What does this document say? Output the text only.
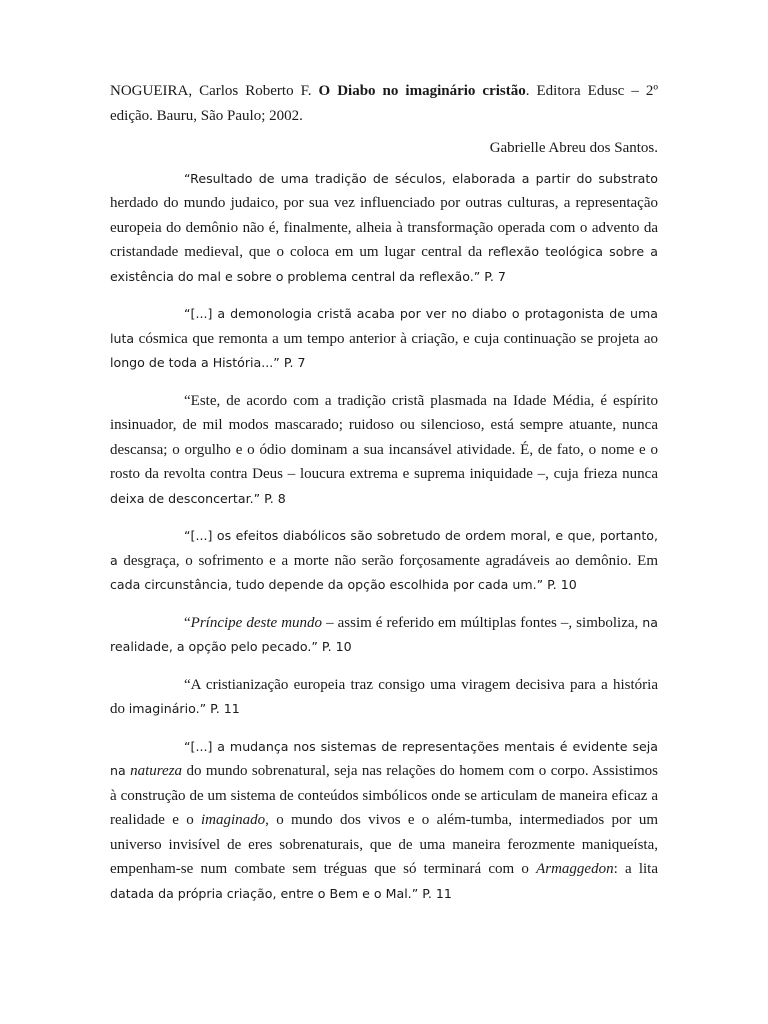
NOGUEIRA, Carlos Roberto F. O Diabo no imaginário cristão. Editora Edusc – 2º edição. Bauru, São Paulo; 2002.

Gabrielle Abreu dos Santos.

“Resultado de uma tradição de séculos, elaborada a partir do substrato herdado do mundo judaico, por sua vez influenciado por outras culturas, a representação europeia do demônio não é, finalmente, alheia à transformação operada com o advento da cristandade medieval, que o coloca em um lugar central da reflexão teológica sobre a existência do mal e sobre o problema central da reflexão.” P. 7

“[...] a demonologia cristã acaba por ver no diabo o protagonista de uma luta cósmica que remonta a um tempo anterior à criação, e cuja continuação se projeta ao longo de toda a História...” P. 7

“Este, de acordo com a tradição cristã plasmada na Idade Média, é espírito insinuador, de mil modos mascarado; ruidoso ou silencioso, está sempre atuante, nunca descansa; o orgulho e o ódio dominam a sua incansável atividade. É, de fato, o nome e o rosto da revolta contra Deus – loucura extrema e suprema iniquidade –, cuja frieza nunca deixa de desconcertar.” P. 8

“[...] os efeitos diabólicos são sobretudo de ordem moral, e que, portanto, a desgraça, o sofrimento e a morte não serão forçosamente agradáveis ao demônio. Em cada circunstância, tudo depende da opção escolhida por cada um.” P. 10

“Príncipe deste mundo – assim é referido em múltiplas fontes –, simboliza, na realidade, a opção pelo pecado.” P. 10

“A cristianização europeia traz consigo uma viragem decisiva para a história do imaginário.” P. 11

“[...] a mudança nos sistemas de representações mentais é evidente seja na natureza do mundo sobrenatural, seja nas relações do homem com o corpo. Assistimos à construção de um sistema de conteúdos simbólicos onde se articulam de maneira eficaz a realidade e o imaginado, o mundo dos vivos e o além-tumba, intermediados por um universo invisível de eres sobrenaturais, que de uma maneira ferozmente maniqueísta, empenham-se num combate sem tréguas que só terminará com o Armaggedon: a lita datada da própria criação, entre o Bem e o Mal.” P. 11
